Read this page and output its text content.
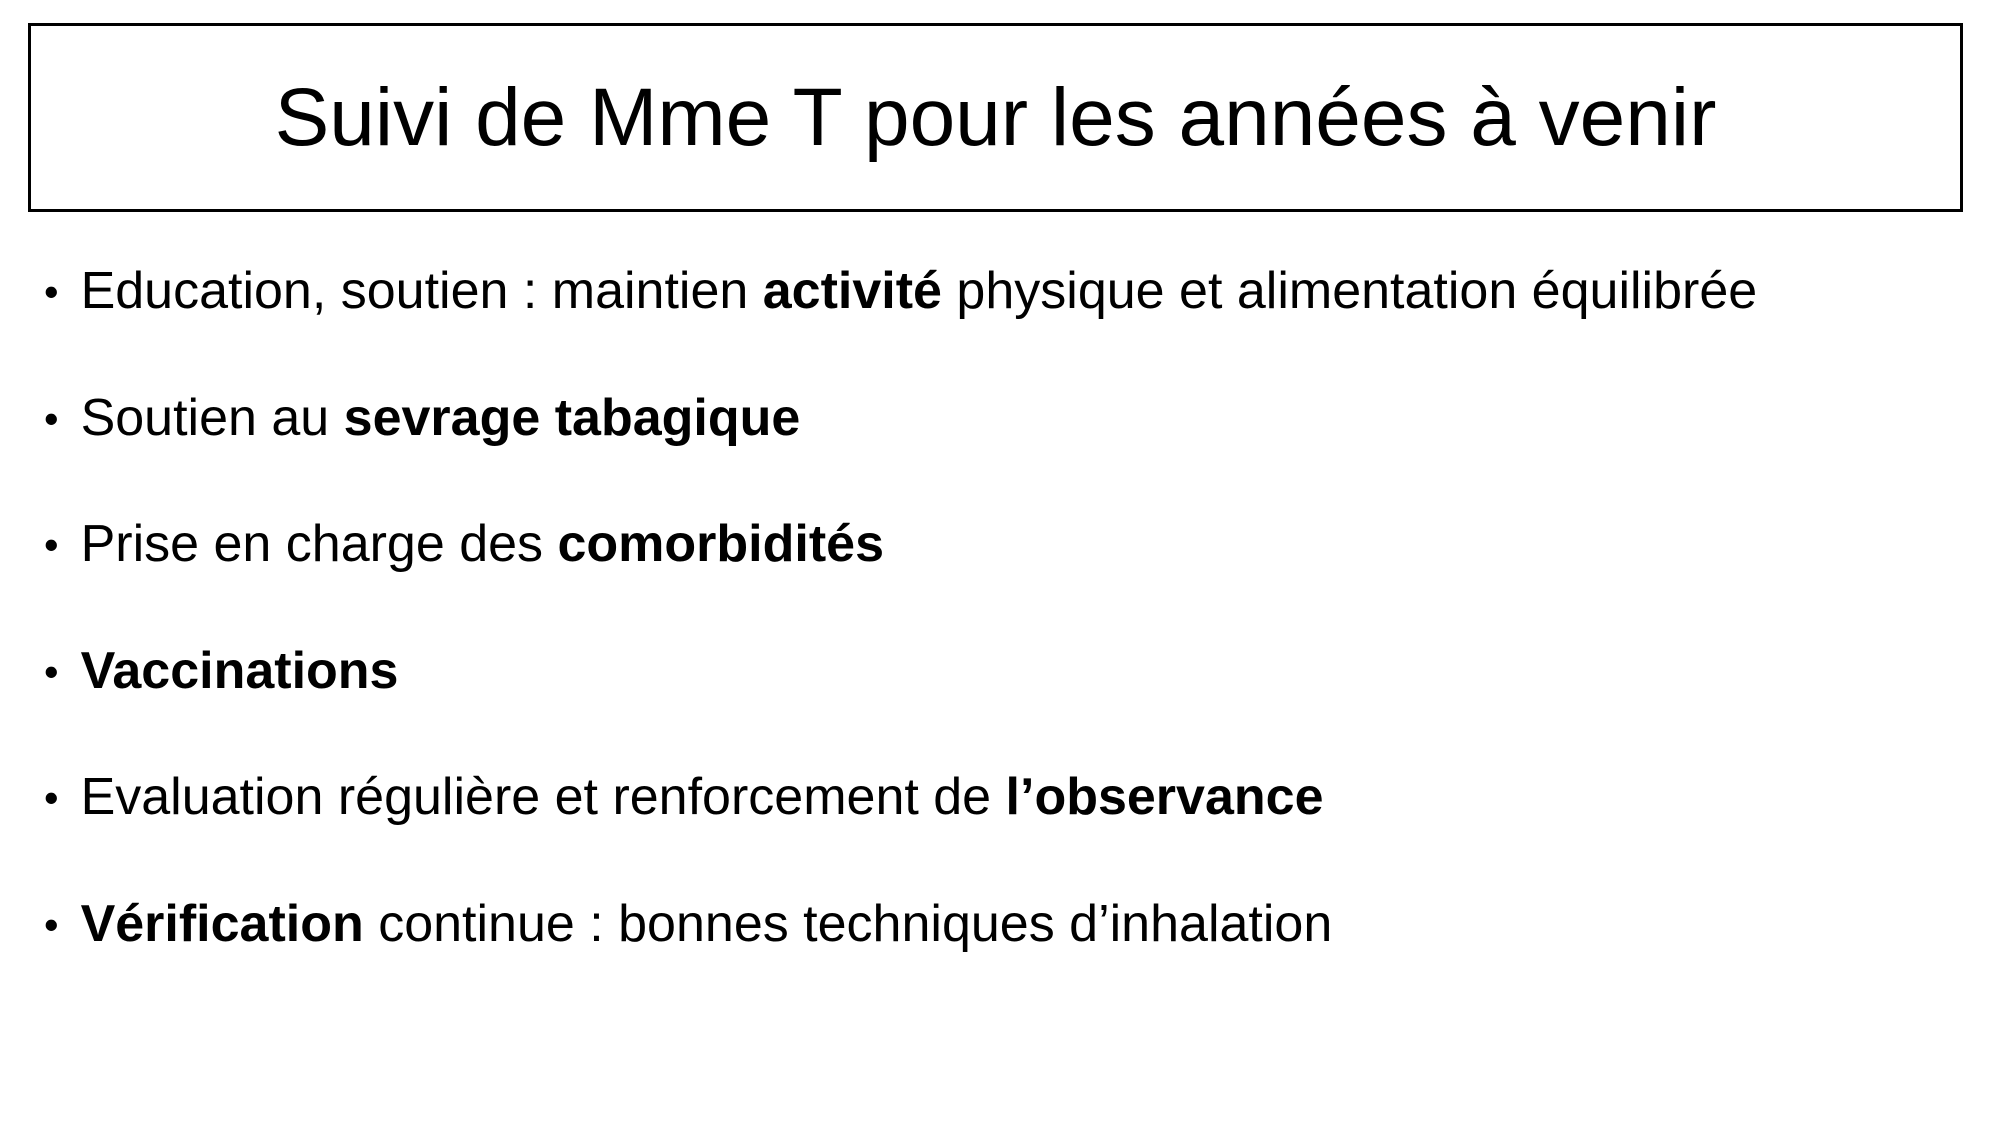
Suivi de Mme T pour les années à venir
• Education, soutien : maintien activité physique et alimentation équilibrée
• Soutien au sevrage tabagique
• Prise en charge des comorbidités
• Vaccinations
• Evaluation régulière et renforcement de l’observance
• Vérification continue : bonnes techniques d’inhalation
